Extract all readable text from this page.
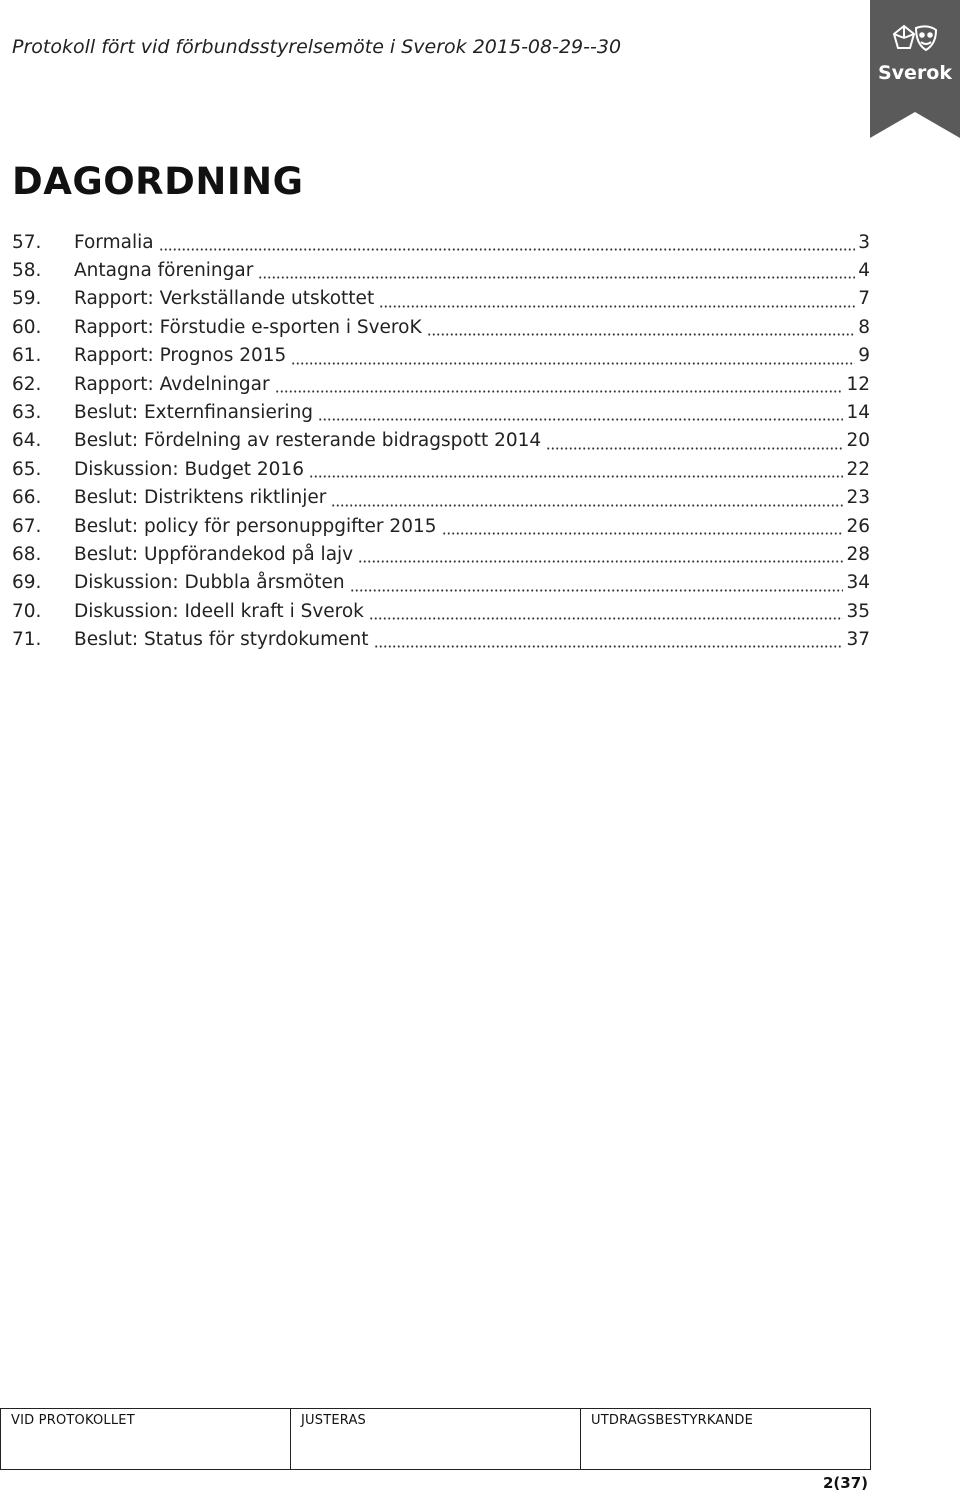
Protokoll fört vid förbundsstyrelsemöte i Sverok 2015-08-29--30
Sverok
DAGORDNING
57.	Formalia	3
58.	Antagna föreningar	4
59.	Rapport: Verkställande utskottet	7
60.	Rapport: Förstudie e-sporten i SveroK	8
61.	Rapport: Prognos 2015	9
62.	Rapport: Avdelningar	12
63.	Beslut: Externfinansiering	14
64.	Beslut: Fördelning av resterande bidragspott 2014	20
65.	Diskussion: Budget 2016	22
66.	Beslut: Distriktens riktlinjer	23
67.	Beslut: policy för personuppgifter 2015	26
68.	Beslut: Uppförandekod på lajv	28
69.	Diskussion: Dubbla årsmöten	34
70.	Diskussion: Ideell kraft i Sverok	35
71.	Beslut: Status för styrdokument	37
VID PROTOKOLLET	JUSTERAS	UTDRAGSBESTYRKANDE
2(37)
